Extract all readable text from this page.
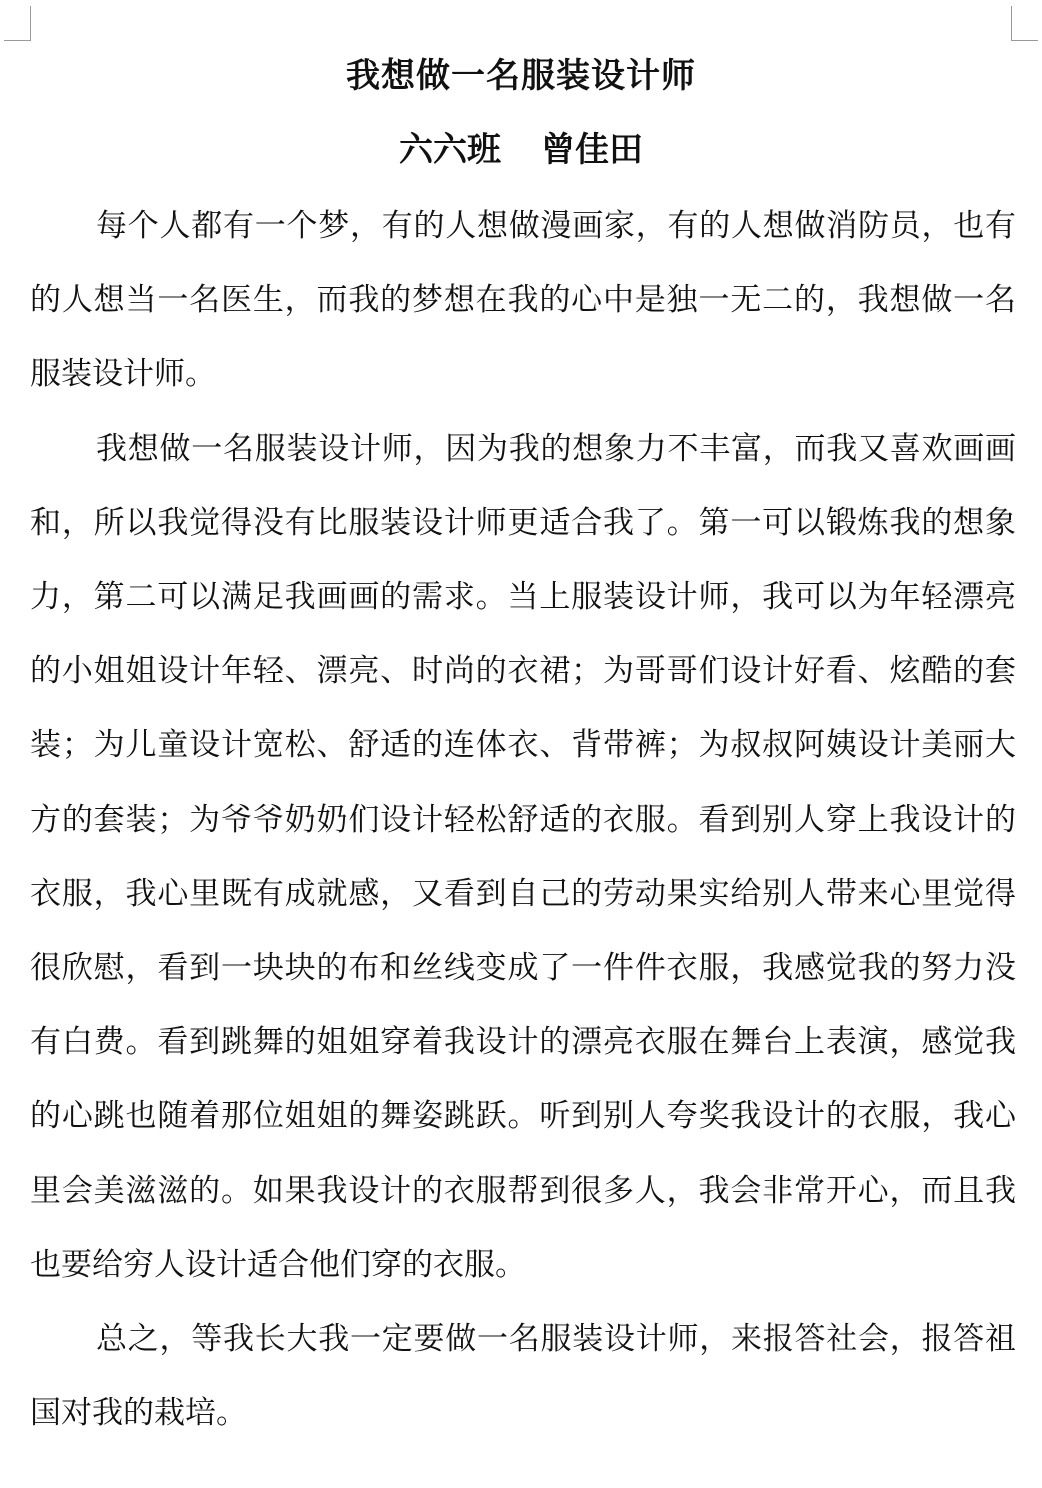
我想做一名服装设计师
六六班 曾佳田

每个人都有一个梦，有的人想做漫画家，有的人想做消防员，也有的人想当一名医生，而我的梦想在我的心中是独一无二的，我想做一名服装设计师。

我想做一名服装设计师，因为我的想象力不丰富，而我又喜欢画画和，所以我觉得没有比服装设计师更适合我了。第一可以锻炼我的想象力，第二可以满足我画画的需求。当上服装设计师，我可以为年轻漂亮的小姐姐设计年轻、漂亮、时尚的衣裙；为哥哥们设计好看、炫酷的套装；为儿童设计宽松、舒适的连体衣、背带裤；为叔叔阿姨设计美丽大方的套装；为爷爷奶奶们设计轻松舒适的衣服。看到别人穿上我设计的衣服，我心里既有成就感，又看到自己的劳动果实给别人带来心里觉得很欣慰，看到一块块的布和丝线变成了一件件衣服，我感觉我的努力没有白费。看到跳舞的姐姐穿着我设计的漂亮衣服在舞台上表演，感觉我的心跳也随着那位姐姐的舞姿跳跃。听到别人夸奖我设计的衣服，我心里会美滋滋的。如果我设计的衣服帮到很多人，我会非常开心，而且我也要给穷人设计适合他们穿的衣服。

总之，等我长大我一定要做一名服装设计师，来报答社会，报答祖国对我的栽培。
